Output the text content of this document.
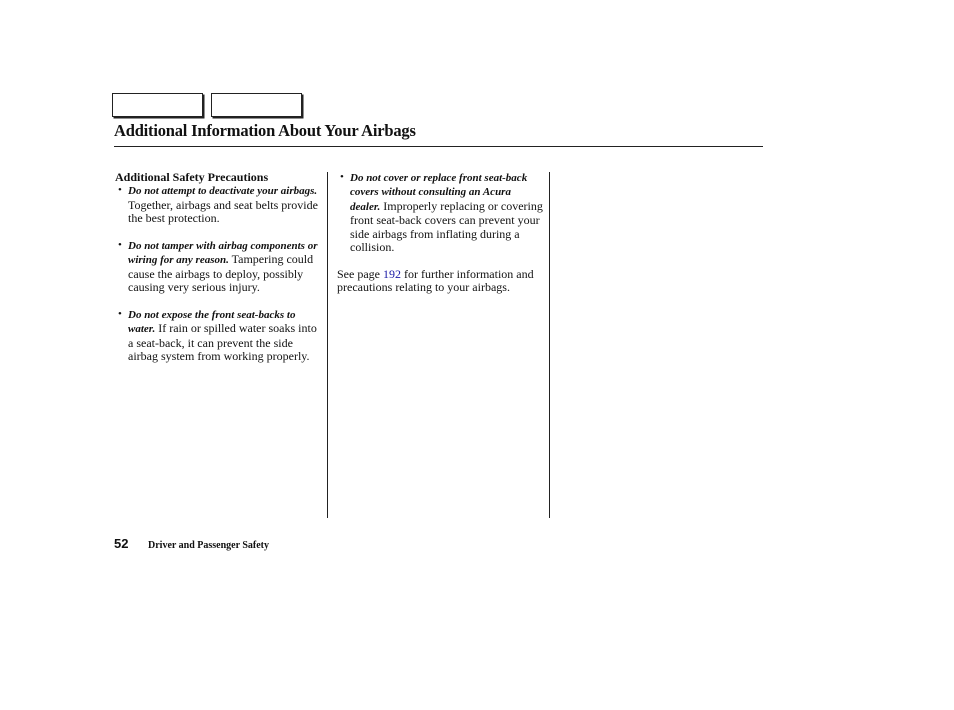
Additional Information About Your Airbags
Additional Safety Precautions
• Do not attempt to deactivate your airbags. Together, airbags and seat belts provide the best protection.
• Do not tamper with airbag components or wiring for any reason. Tampering could cause the airbags to deploy, possibly causing very serious injury.
• Do not expose the front seat-backs to water. If rain or spilled water soaks into a seat-back, it can prevent the side airbag system from working properly.
• Do not cover or replace front seat-back covers without consulting an Acura dealer. Improperly replacing or covering front seat-back covers can prevent your side airbags from inflating during a collision.

See page 192 for further information and precautions relating to your airbags.

52 Driver and Passenger Safety
